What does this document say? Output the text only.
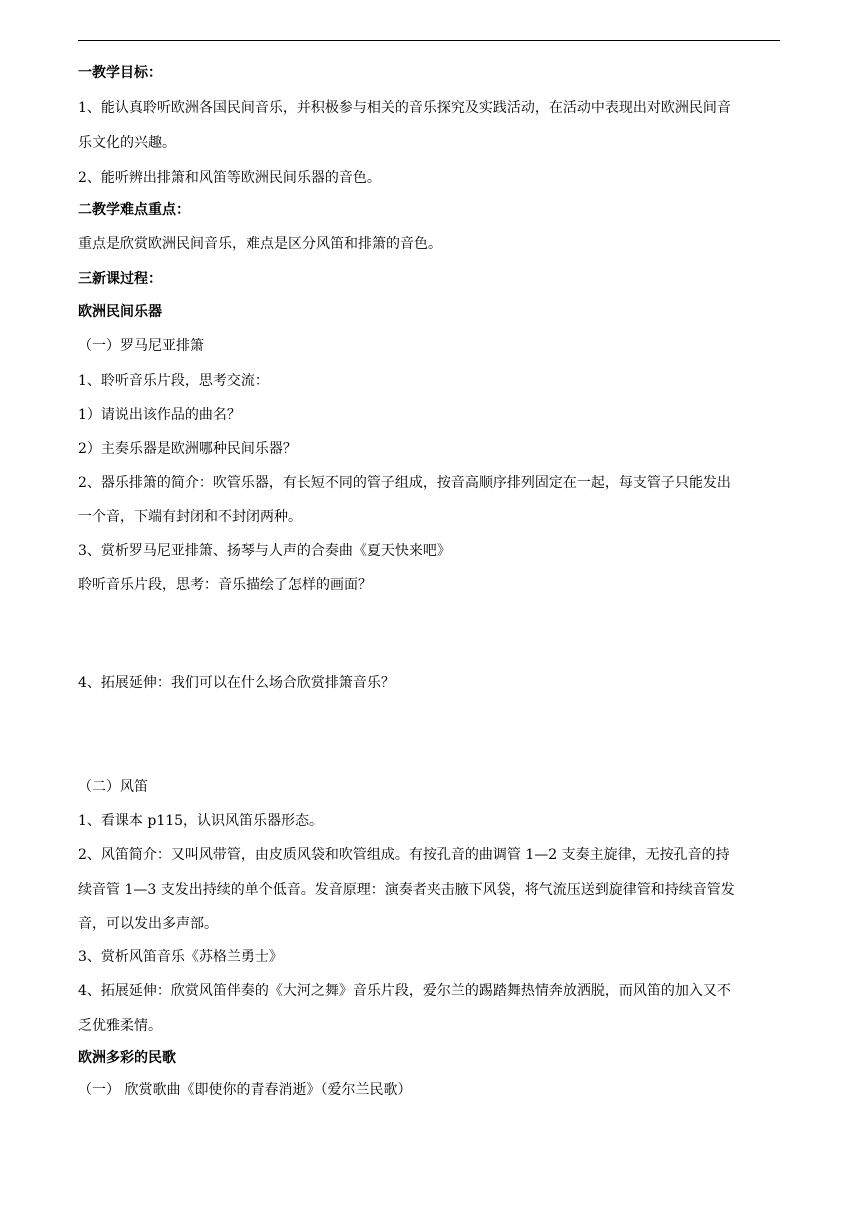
一教学目标：
1、能认真聆听欧洲各国民间音乐，并积极参与相关的音乐探究及实践活动，在活动中表现出对欧洲民间音
乐文化的兴趣。
2、能听辨出排箫和风笛等欧洲民间乐器的音色。
二教学难点重点：
重点是欣赏欧洲民间音乐，难点是区分风笛和排箫的音色。
三新课过程：
欧洲民间乐器
（一）罗马尼亚排箫
1、聆听音乐片段，思考交流：
1）请说出该作品的曲名？
2）主奏乐器是欧洲哪种民间乐器？
2、器乐排箫的简介：吹管乐器，有长短不同的管子组成，按音高顺序排列固定在一起，每支管子只能发出
一个音，下端有封闭和不封闭两种。
3、赏析罗马尼亚排箫、扬琴与人声的合奏曲《夏天快来吧》
聆听音乐片段，思考：音乐描绘了怎样的画面？
4、拓展延伸：我们可以在什么场合欣赏排箫音乐？
（二）风笛
1、看课本 p115，认识风笛乐器形态。
2、风笛简介：又叫风带管，由皮质风袋和吹管组成。有按孔音的曲调管 1—2 支奏主旋律，无按孔音的持
续音管 1—3 支发出持续的单个低音。发音原理：演奏者夹击腋下风袋，将气流压送到旋律管和持续音管发
音，可以发出多声部。
3、赏析风笛音乐《苏格兰勇士》
4、拓展延伸：欣赏风笛伴奏的《大河之舞》音乐片段，爱尔兰的踢踏舞热情奔放洒脱，而风笛的加入又不
乏优雅柔情。
欧洲多彩的民歌
（一） 欣赏歌曲《即使你的青春消逝》（爱尔兰民歌）
